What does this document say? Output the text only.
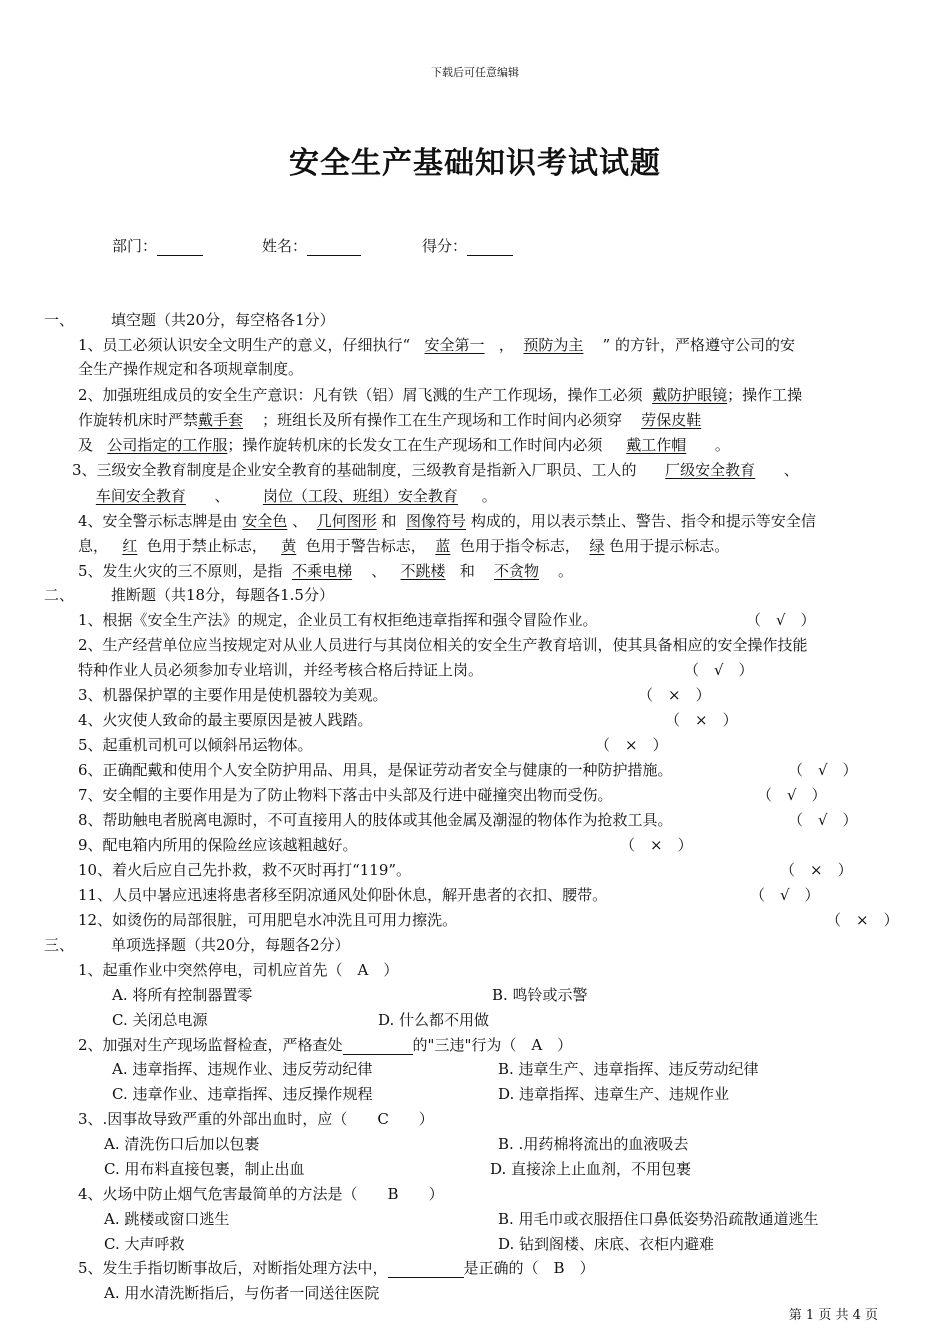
下载后可任意编辑
安全生产基础知识考试试题
部门：	姓名：	得分：
一、 填空题（共20分，每空格各1分）
1、员工必须认识安全文明生产的意义，仔细执行“ 安全第一 ， 预防为主 ” 的方针，严格遵守公司的安
全生产操作规定和各项规章制度。
2、加强班组成员的安全生产意识：凡有铁（铝）屑飞溅的生产工作现场，操作工必须 戴防护眼镜；操作工操
作旋转机床时严禁戴手套 ；班组长及所有操作工在生产现场和工作时间内必须穿 劳保皮鞋
及 公司指定的工作服；操作旋转机床的长发女工在生产现场和工作时间内必须 戴工作帽 。
3、三级安全教育制度是企业安全教育的基础制度，三级教育是指新入厂职员、工人的 厂级安全教育 、
车间安全教育 、 岗位（工段、班组）安全教育 。
4、安全警示标志牌是由 安全色 、 几何图形 和 图像符号 构成的，用以表示禁止、警告、指令和提示等安全信
息， 红 色用于禁止标志， 黄 色用于警告标志， 蓝 色用于指令标志， 绿 色用于提示标志。
5、发生火灾的三不原则，是指 不乘电梯 、 不跳楼 和 不贪物 。
二、 推断题（共18分，每题各1.5分）
1、根据《安全生产法》的规定，企业员工有权拒绝违章指挥和强令冒险作业。	（　√　）
2、生产经营单位应当按规定对从业人员进行与其岗位相关的安全生产教育培训，使其具备相应的安全操作技能
特种作业人员必须参加专业培训，并经考核合格后持证上岗。	（　√　）
3、机器保护罩的主要作用是使机器较为美观。	（　×　）
4、火灾使人致命的最主要原因是被人践踏。	（　×　）
5、起重机司机可以倾斜吊运物体。	（　×　）
6、正确配戴和使用个人安全防护用品、用具，是保证劳动者安全与健康的一种防护措施。	（　√　）
7、安全帽的主要作用是为了防止物料下落击中头部及行进中碰撞突出物而受伤。	（　√　）
8、帮助触电者脱离电源时，不可直接用人的肢体或其他金属及潮湿的物体作为抢救工具。	（　√　）
9、配电箱内所用的保险丝应该越粗越好。	（　×　）
10、着火后应自己先扑救，救不灭时再打“119”。	（　×　）
11、人员中暑应迅速将患者移至阴凉通风处仰卧休息，解开患者的衣扣、腰带。	（　√　）
12、如烫伤的局部很脏，可用肥皂水冲洗且可用力擦洗。	（　×　）
三、 单项选择题（共20分，每题各2分）
1、起重作业中突然停电，司机应首先（　A　）
A. 将所有控制器置零	B. 鸣铃或示警
C. 关闭总电源	D. 什么都不用做
2、加强对生产现场监督检查，严格查处	的"三违"行为（　A　）
A. 违章指挥、违规作业、违反劳动纪律	B. 违章生产、违章指挥、违反劳动纪律
C. 违章作业、违章指挥、违反操作规程	D. 违章指挥、违章生产、违规作业
3、.因事故导致严重的外部出血时，应（　　C　　）
A. 清洗伤口后加以包裹	B. .用药棉将流出的血液吸去
C. 用布料直接包裹，制止出血	D. 直接涂上止血剂，不用包裹
4、火场中防止烟气危害最简单的方法是（　　B　　）
A. 跳楼或窗口逃生	B. 用毛巾或衣服捂住口鼻低姿势沿疏散通道逃生
C. 大声呼救	D. 钻到阁楼、床底、衣柜内避难
5、发生手指切断事故后，对断指处理方法中，	是正确的（　B　）
A. 用水清洗断指后，与伤者一同送往医院
第 1 页 共 4 页
